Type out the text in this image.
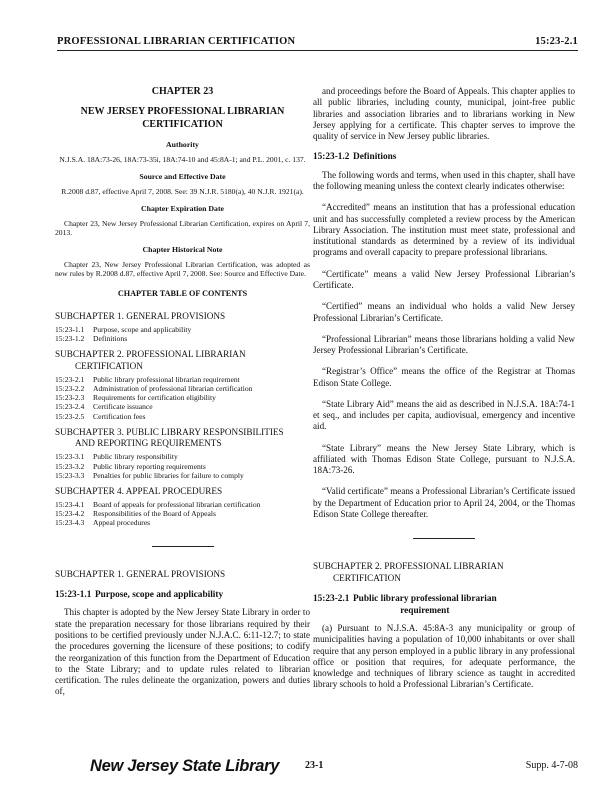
PROFESSIONAL LIBRARIAN CERTIFICATION	15:23-2.1
CHAPTER 23
NEW JERSEY PROFESSIONAL LIBRARIAN CERTIFICATION
Authority

N.J.S.A. 18A:73-26, 18A:73-35i, 18A:74-10 and 45:8A-1; and P.L. 2001, c. 137.

Source and Effective Date

R.2008 d.87, effective April 7, 2008. See: 39 N.J.R. 5180(a), 40 N.J.R. 1921(a).

Chapter Expiration Date

Chapter 23, New Jersey Professional Librarian Certification, expires on April 7, 2013.

Chapter Historical Note

Chapter 23, New Jersey Professional Librarian Certification, was adopted as new rules by R.2008 d.87, effective April 7, 2008. See: Source and Effective Date.

CHAPTER TABLE OF CONTENTS
SUBCHAPTER 1. GENERAL PROVISIONS
15:23-1.1	Purpose, scope and applicability
15:23-1.2	Definitions
SUBCHAPTER 2. PROFESSIONAL LIBRARIAN
CERTIFICATION
15:23-2.1	Public library professional librarian requirement
15:23-2.2	Administration of professional librarian certification
15:23-2.3	Requirements for certification eligibility
15:23-2.4	Certificate issuance
15:23-2.5	Certification fees
SUBCHAPTER 3. PUBLIC LIBRARY RESPONSIBILITIES
AND REPORTING REQUIREMENTS
15:23-3.1	Public library responsibility
15:23-3.2	Public library reporting requirements
15:23-3.3	Penalties for public libraries for failure to comply
SUBCHAPTER 4. APPEAL PROCEDURES
15:23-4.1	Board of appeals for professional librarian certification
15:23-4.2	Responsibilities of the Board of Appeals
15:23-4.3	Appeal procedures
SUBCHAPTER 1. GENERAL PROVISIONS
15:23-1.1 Purpose, scope and applicability

This chapter is adopted by the New Jersey State Library in order to state the preparation necessary for those librarians required by their positions to be certified previously under N.J.A.C. 6:11-12.7; to state the procedures governing the licensure of these positions; to codify the reorganization of this function from the Department of Education to the State Library; and to update rules related to librarian certification. The rules delineate the organization, powers and duties of,

and proceedings before the Board of Appeals. This chapter applies to all public libraries, including county, municipal, joint-free public libraries and association libraries and to librarians working in New Jersey applying for a certificate. This chapter serves to improve the quality of service in New Jersey public libraries.

15:23-1.2 Definitions

The following words and terms, when used in this chapter, shall have the following meaning unless the context clearly indicates otherwise:

“Accredited” means an institution that has a professional education unit and has successfully completed a review process by the American Library Association. The institution must meet state, professional and institutional standards as determined by a review of its individual programs and overall capacity to prepare professional librarians.

“Certificate” means a valid New Jersey Professional Librarian’s Certificate.

“Certified” means an individual who holds a valid New Jersey Professional Librarian’s Certificate.

“Professional Librarian” means those librarians holding a valid New Jersey Professional Librarian’s Certificate.

“Registrar’s Office” means the office of the Registrar at Thomas Edison State College.

“State Library Aid” means the aid as described in N.J.S.A. 18A:74-1 et seq., and includes per capita, audiovisual, emergency and incentive aid.

“State Library” means the New Jersey State Library, which is affiliated with Thomas Edison State College, pursuant to N.J.S.A. 18A:73-26.

“Valid certificate” means a Professional Librarian’s Certificate issued by the Department of Education prior to April 24, 2004, or the Thomas Edison State College thereafter.

SUBCHAPTER 2. PROFESSIONAL LIBRARIAN
CERTIFICATION
15:23-2.1 Public library professional librarian
requirement

(a) Pursuant to N.J.S.A. 45:8A-3 any municipality or group of municipalities having a population of 10,000 inhabitants or over shall require that any person employed in a public library in any professional office or position that requires, for adequate performance, the knowledge and techniques of library science as taught in accredited library schools to hold a Professional Librarian’s Certificate.

New Jersey State Library	23-1	Supp. 4-7-08
